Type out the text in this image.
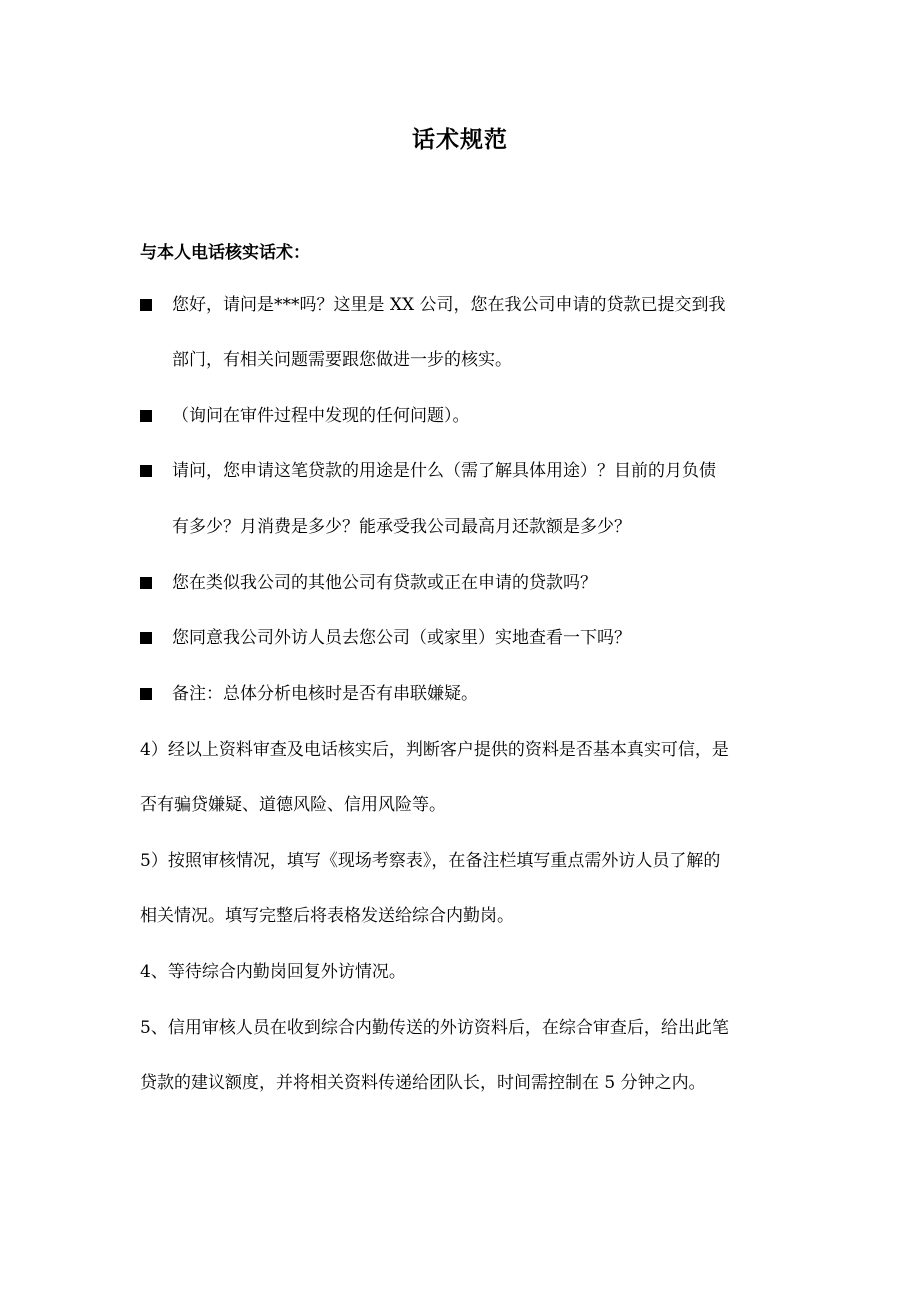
话术规范
与本人电话核实话术：
您好，请问是***吗？这里是 XX 公司，您在我公司申请的贷款已提交到我
部门，有相关问题需要跟您做进一步的核实。
（询问在审件过程中发现的任何问题）。
请问，您申请这笔贷款的用途是什么（需了解具体用途）？目前的月负债
有多少？月消费是多少？能承受我公司最高月还款额是多少？
您在类似我公司的其他公司有贷款或正在申请的贷款吗？
您同意我公司外访人员去您公司（或家里）实地查看一下吗？
备注：总体分析电核时是否有串联嫌疑。
4）经以上资料审查及电话核实后，判断客户提供的资料是否基本真实可信，是
否有骗贷嫌疑、道德风险、信用风险等。
5）按照审核情况，填写《现场考察表》，在备注栏填写重点需外访人员了解的
相关情况。填写完整后将表格发送给综合内勤岗。
4、等待综合内勤岗回复外访情况。
5、信用审核人员在收到综合内勤传送的外访资料后，在综合审查后，给出此笔
贷款的建议额度，并将相关资料传递给团队长，时间需控制在 5 分钟之内。
